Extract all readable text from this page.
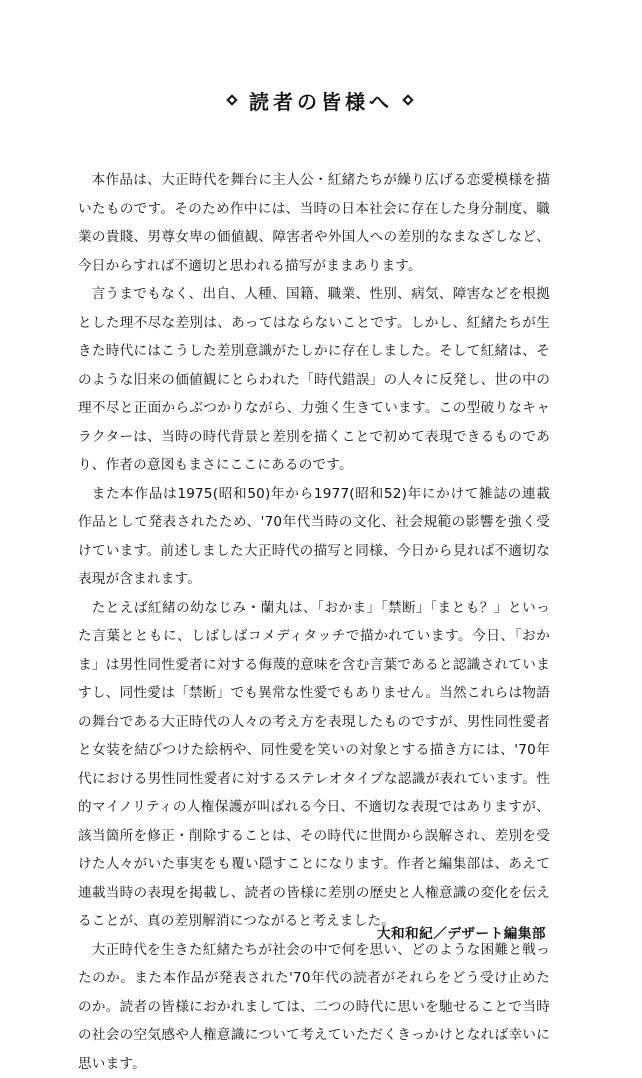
読者の皆様へ

本作品は、大正時代を舞台に主人公・紅緒たちが繰り広げる恋愛模様を描いたものです。そのため作中には、当時の日本社会に存在した身分制度、職業の貴賤、男尊女卑の価値観、障害者や外国人への差別的なまなざしなど、今日からすれば不適切と思われる描写がままあります。

言うまでもなく、出自、人種、国籍、職業、性別、病気、障害などを根拠とした理不尽な差別は、あってはならないことです。しかし、紅緒たちが生きた時代にはこうした差別意識がたしかに存在しました。そして紅緒は、そのような旧来の価値観にとらわれた「時代錯誤」の人々に反発し、世の中の理不尽と正面からぶつかりながら、力強く生きています。この型破りなキャラクターは、当時の時代背景と差別を描くことで初めて表現できるものであり、作者の意図もまさにここにあるのです。

また本作品は1975(昭和50)年から1977(昭和52)年にかけて雑誌の連載作品として発表されたため、'70年代当時の文化、社会規範の影響を強く受けています。前述しました大正時代の描写と同様、今日から見れば不適切な表現が含まれます。

たとえば紅緒の幼なじみ・蘭丸は、「おかま」「禁断」「まとも？」といった言葉とともに、しばしばコメディタッチで描かれています。今日、「おかま」は男性同性愛者に対する侮蔑的意味を含む言葉であると認識されていますし、同性愛は「禁断」でも異常な性愛でもありません。当然これらは物語の舞台である大正時代の人々の考え方を表現したものですが、男性同性愛者と女装を結びつけた絵柄や、同性愛を笑いの対象とする描き方には、'70年代における男性同性愛者に対するステレオタイプな認識が表れています。性的マイノリティの人権保護が叫ばれる今日、不適切な表現ではありますが、該当箇所を修正・削除することは、その時代に世間から誤解され、差別を受けた人々がいた事実をも覆い隠すことになります。作者と編集部は、あえて連載当時の表現を掲載し、読者の皆様に差別の歴史と人権意識の変化を伝えることが、真の差別解消につながると考えました。

大正時代を生きた紅緒たちが社会の中で何を思い、どのような困難と戦ったのか。また本作品が発表された'70年代の読者がそれらをどう受け止めたのか。読者の皆様におかれましては、二つの時代に思いを馳せることで当時の社会の空気感や人権意識について考えていただくきっかけとなれば幸いに思います。

大和和紀／デザート編集部
